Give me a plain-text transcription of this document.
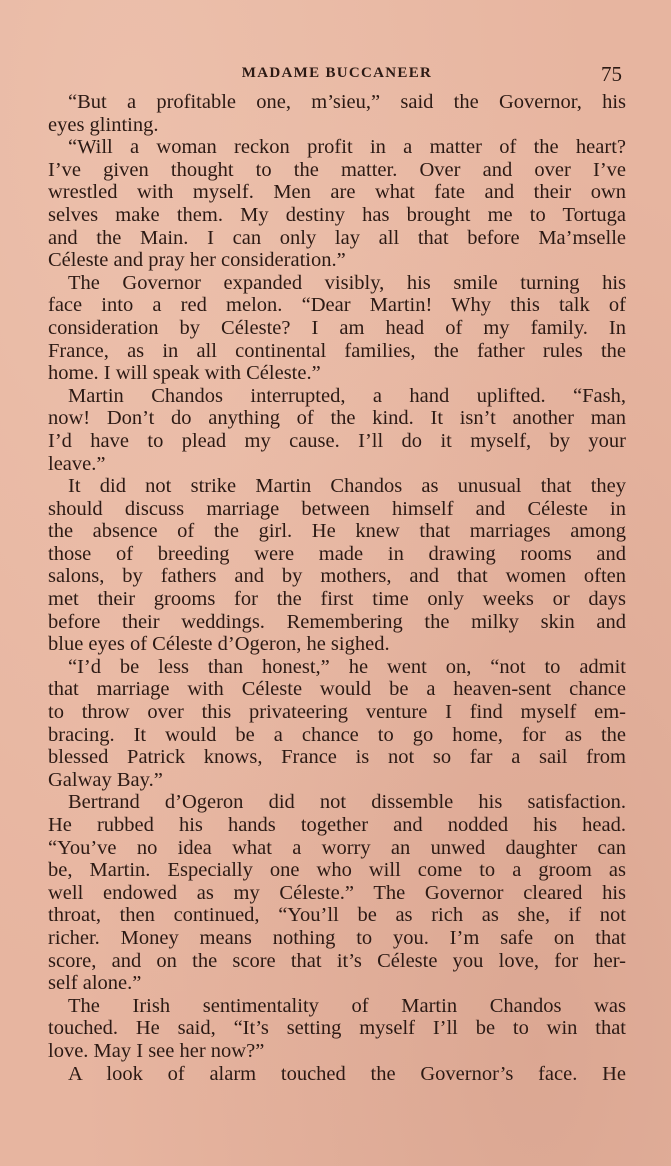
MADAME BUCCANEER	75
“But a profitable one, m’sieu,” said the Governor, his
eyes glinting.
“Will a woman reckon profit in a matter of the heart?
I’ve given thought to the matter. Over and over I’ve
wrestled with myself. Men are what fate and their own
selves make them. My destiny has brought me to Tortuga
and the Main. I can only lay all that before Ma’mselle
Céleste and pray her consideration.”
The Governor expanded visibly, his smile turning his
face into a red melon. “Dear Martin! Why this talk of
consideration by Céleste? I am head of my family. In
France, as in all continental families, the father rules the
home. I will speak with Céleste.”
Martin Chandos interrupted, a hand uplifted. “Fash,
now! Don’t do anything of the kind. It isn’t another man
I’d have to plead my cause. I’ll do it myself, by your
leave.”
It did not strike Martin Chandos as unusual that they
should discuss marriage between himself and Céleste in
the absence of the girl. He knew that marriages among
those of breeding were made in drawing rooms and
salons, by fathers and by mothers, and that women often
met their grooms for the first time only weeks or days
before their weddings. Remembering the milky skin and
blue eyes of Céleste d’Ogeron, he sighed.
“I’d be less than honest,” he went on, “not to admit
that marriage with Céleste would be a heaven-sent chance
to throw over this privateering venture I find myself em-
bracing. It would be a chance to go home, for as the
blessed Patrick knows, France is not so far a sail from
Galway Bay.”
Bertrand d’Ogeron did not dissemble his satisfaction.
He rubbed his hands together and nodded his head.
“You’ve no idea what a worry an unwed daughter can
be, Martin. Especially one who will come to a groom as
well endowed as my Céleste.” The Governor cleared his
throat, then continued, “You’ll be as rich as she, if not
richer. Money means nothing to you. I’m safe on that
score, and on the score that it’s Céleste you love, for her-
self alone.”
The Irish sentimentality of Martin Chandos was
touched. He said, “It’s setting myself I’ll be to win that
love. May I see her now?”
A look of alarm touched the Governor’s face. He
